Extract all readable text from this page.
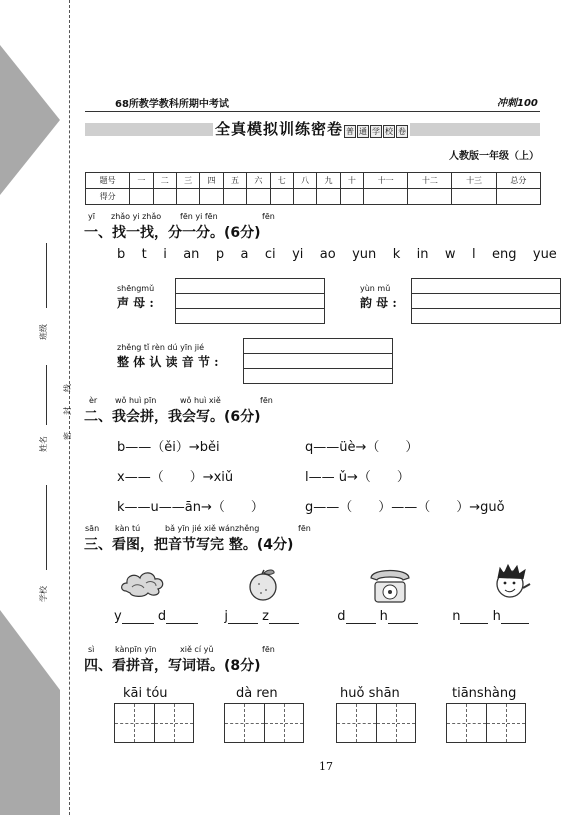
班级
姓名
学校
线
封
密
68所教学教科所期中考试	冲刺100
全真模拟训练密卷 普 通 学 校 卷
人教版一年级（上）
题号	一	二	三	四	五	六	七	八	九	十	十一	十二	十三	总分
得分														
yī zhǎo yi zhǎo fēn yi fēn	fēn
一、找一找，分一分。(6分)
b t i an p a ci yi ao yun k in w l eng yue
shēngmǔ
声 母 :
yùn mǔ
韵 母 :
zhěng tǐ rèn dú yīn jié
整 体 认 读 音 节 :
èr wǒ huì pīn	wǒ huì xiě	fēn
二、我会拼，我会写。(6分)
b——（ěi）→běi	q——üè→（　　）
x——（　　）→xiǔ	l—— ǔ→（　　）
k——u——ān→（　　）	g——（　　）——（　　）→guǒ
sān kàn tú	bǎ yīn jié xiě wánzhěng	fēn
三、看图，把音节写完 整。(4分)
y	d	j	z	d	h	n h
sì	kànpīn yīn	xiě cí yǔ	fēn
四、看拼音，写词语。(8分)
kāi tóu	dà ren	huǒ shān	tiānshàng
17
